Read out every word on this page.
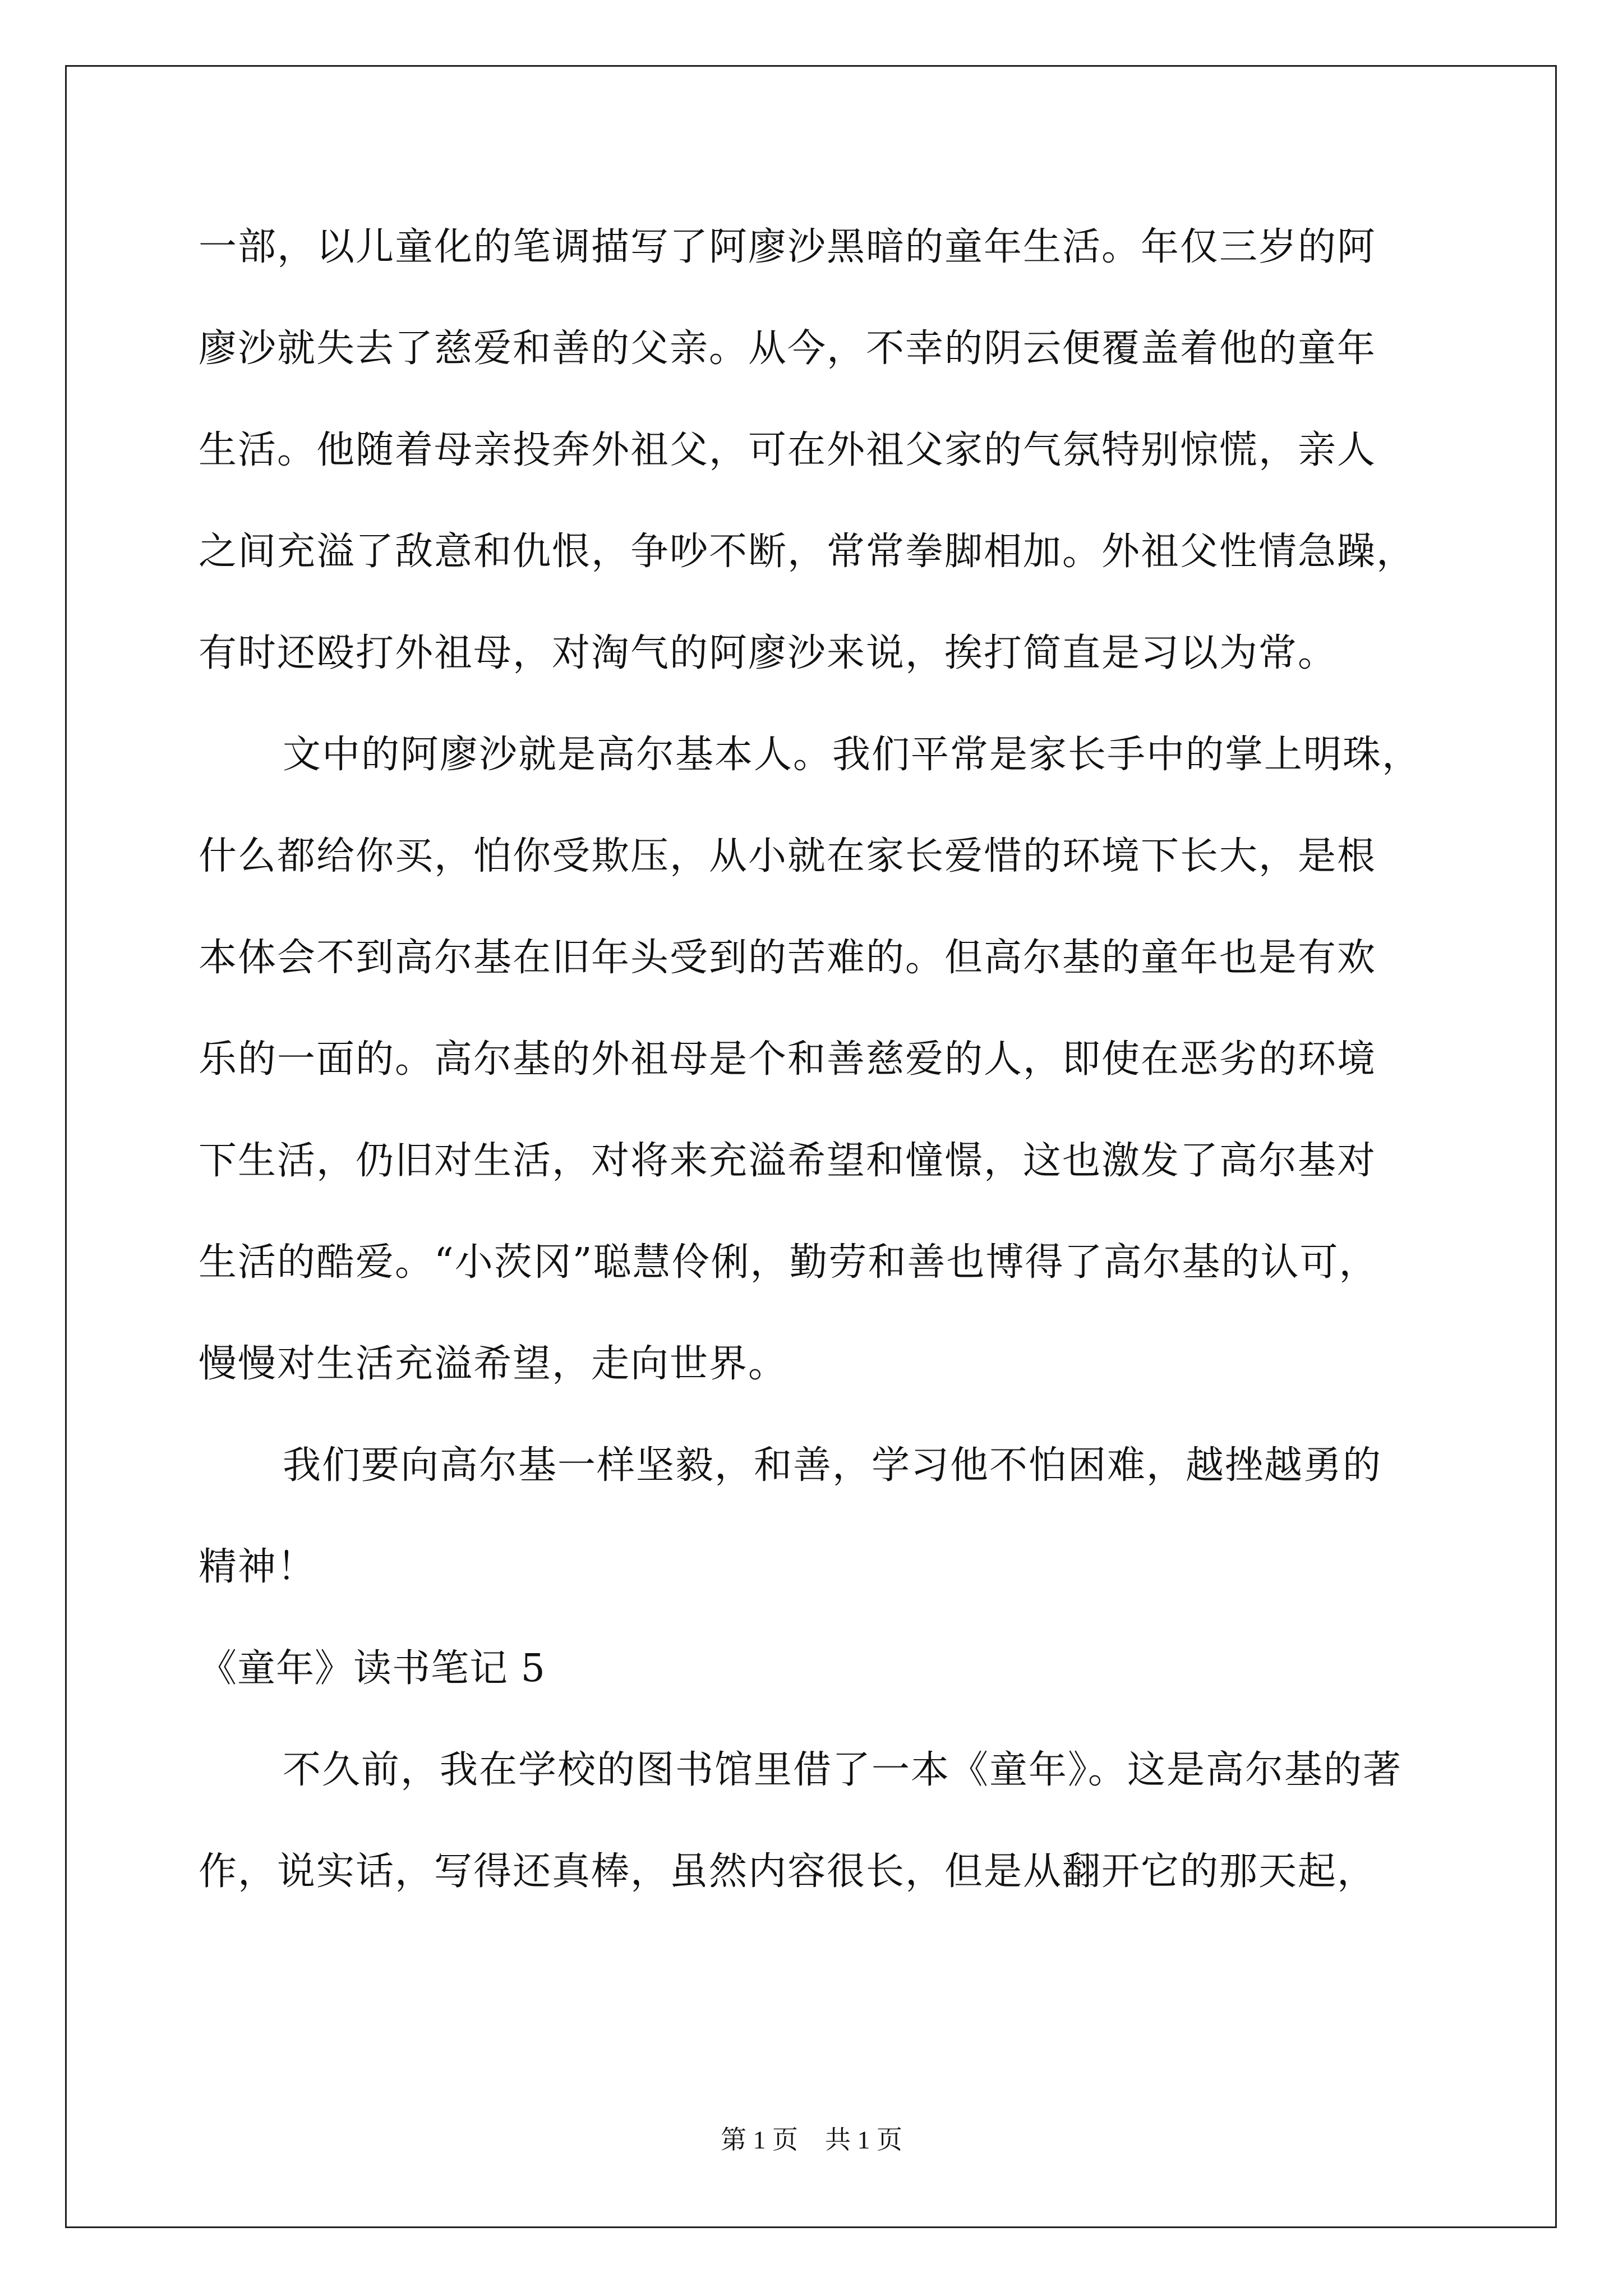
一部，以儿童化的笔调描写了阿廖沙黑暗的童年生活。年仅三岁的阿
廖沙就失去了慈爱和善的父亲。从今，不幸的阴云便覆盖着他的童年
生活。他随着母亲投奔外祖父，可在外祖父家的气氛特别惊慌，亲人
之间充溢了敌意和仇恨，争吵不断，常常拳脚相加。外祖父性情急躁，
有时还殴打外祖母，对淘气的阿廖沙来说，挨打简直是习以为常。
文中的阿廖沙就是高尔基本人。我们平常是家长手中的掌上明珠，
什么都给你买，怕你受欺压，从小就在家长爱惜的环境下长大，是根
本体会不到高尔基在旧年头受到的苦难的。但高尔基的童年也是有欢
乐的一面的。高尔基的外祖母是个和善慈爱的人，即使在恶劣的环境
下生活，仍旧对生活，对将来充溢希望和憧憬，这也激发了高尔基对
生活的酷爱。“小茨冈”聪慧伶俐，勤劳和善也博得了高尔基的认可，
慢慢对生活充溢希望，走向世界。
我们要向高尔基一样坚毅，和善，学习他不怕困难，越挫越勇的
精神！
《童年》读书笔记 5
不久前，我在学校的图书馆里借了一本《童年》。这是高尔基的著
作，说实话，写得还真棒，虽然内容很长，但是从翻开它的那天起，
第 1 页 共 1 页
